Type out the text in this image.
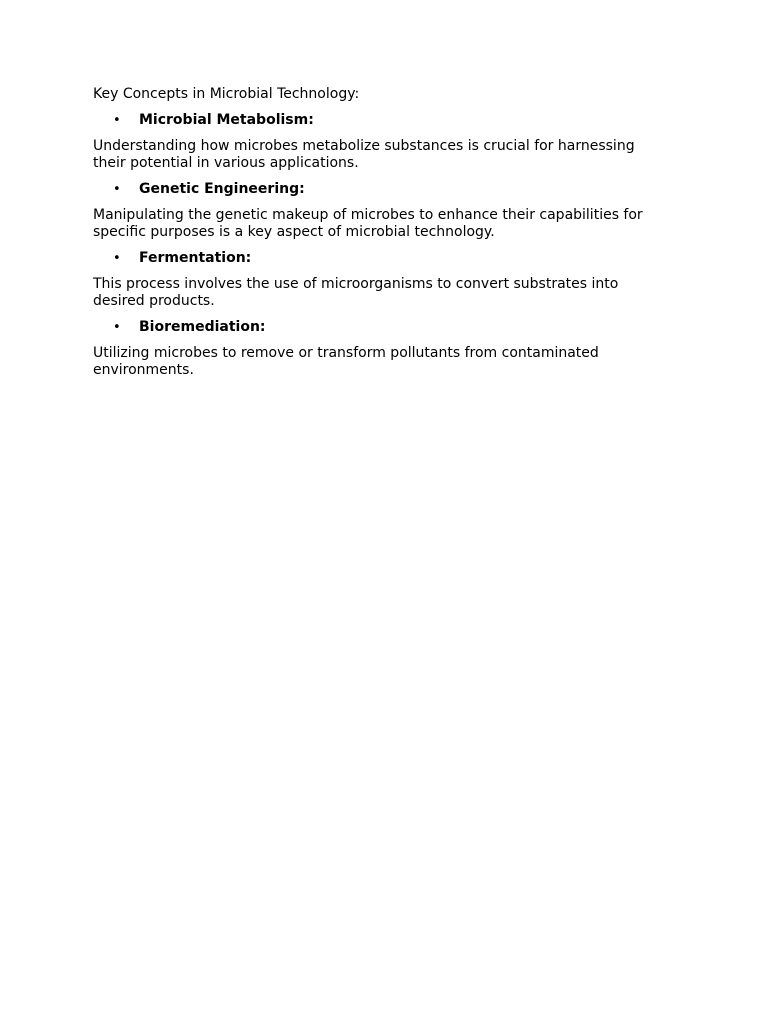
Key Concepts in Microbial Technology:

• Microbial Metabolism:

Understanding how microbes metabolize substances is crucial for harnessing their potential in various applications.

• Genetic Engineering:

Manipulating the genetic makeup of microbes to enhance their capabilities for specific purposes is a key aspect of microbial technology.

• Fermentation:

This process involves the use of microorganisms to convert substrates into desired products.

• Bioremediation:

Utilizing microbes to remove or transform pollutants from contaminated environments.
